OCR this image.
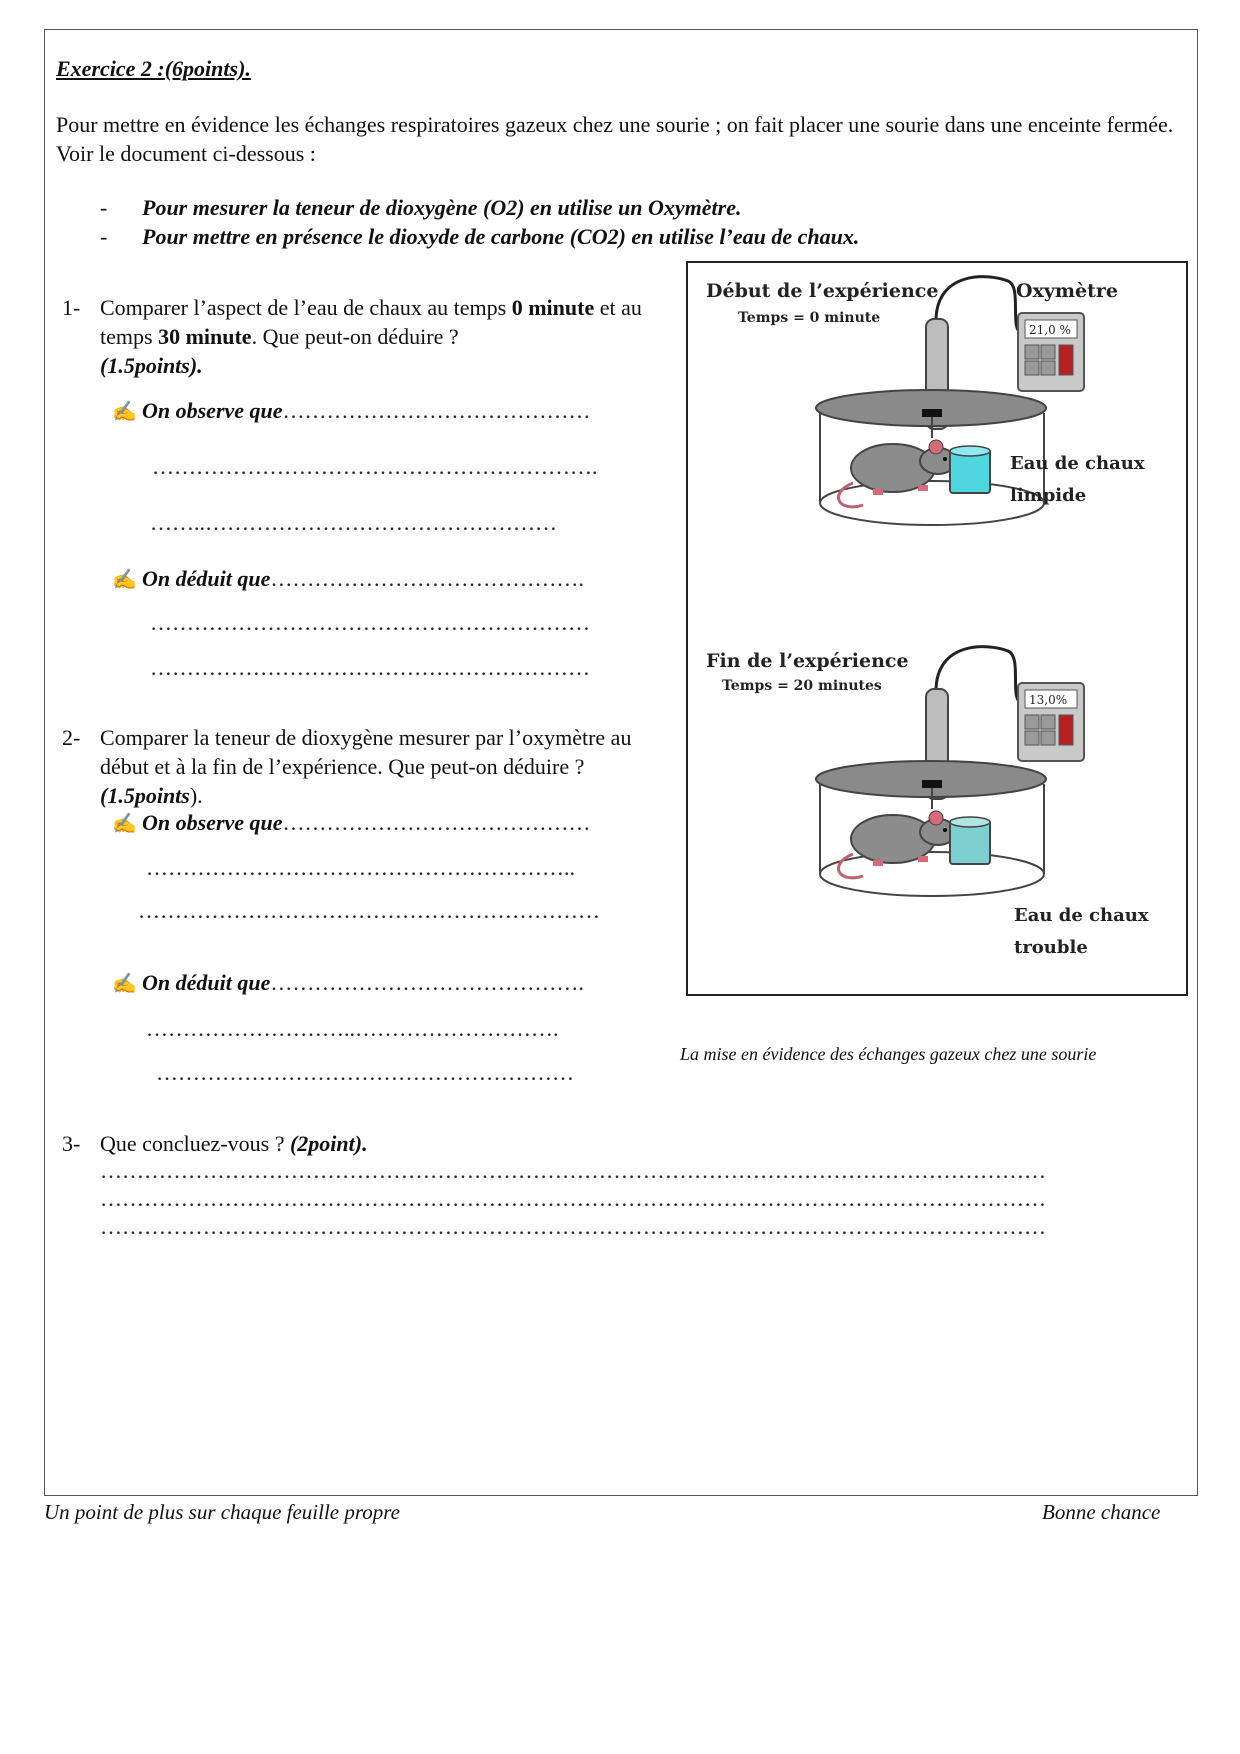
Exercice 2 :(6points).
Pour mettre en évidence les échanges respiratoires gazeux chez une sourie ; on fait placer une sourie dans une enceinte fermée. Voir le document ci-dessous :
- Pour mesurer la teneur de dioxygène (O2) en utilise un Oxymètre.
- Pour mettre en présence le dioxyde de carbone (CO2) en utilise l’eau de chaux.
1- Comparer l’aspect de l’eau de chaux au temps 0 minute et au temps 30 minute. Que peut-on déduire ?
(1.5points).
✍ On observe que……………………………………
…………………………………………………….
……..…………………………………………
✍ On déduit que…………………………………….
……………………………………………………
……………………………………………………
2- Comparer la teneur de dioxygène mesurer par l’oxymètre au début et à la fin de l’expérience. Que peut-on déduire ?(1.5points).
✍ On observe que……………………………………
…………………………………………………..
………………………………………………………
✍ On déduit que…………………………………….
………………………..……………………….
…………………………………………………
Début de l’expérience
Temps = 0 minute
Oxymètre
21,0 %
Eau de chaux
limpide
Fin de l’expérience
Temps = 20 minutes
13,0%
Eau de chaux
trouble
La mise en évidence des échanges gazeux chez une sourie
3- Que concluez-vous ? (2point).
…………………………………………………………………………………………………………………
…………………………………………………………………………………………………………………
…………………………………………………………………………………………………………………
Un point de plus sur chaque feuille propre	Bonne chance
